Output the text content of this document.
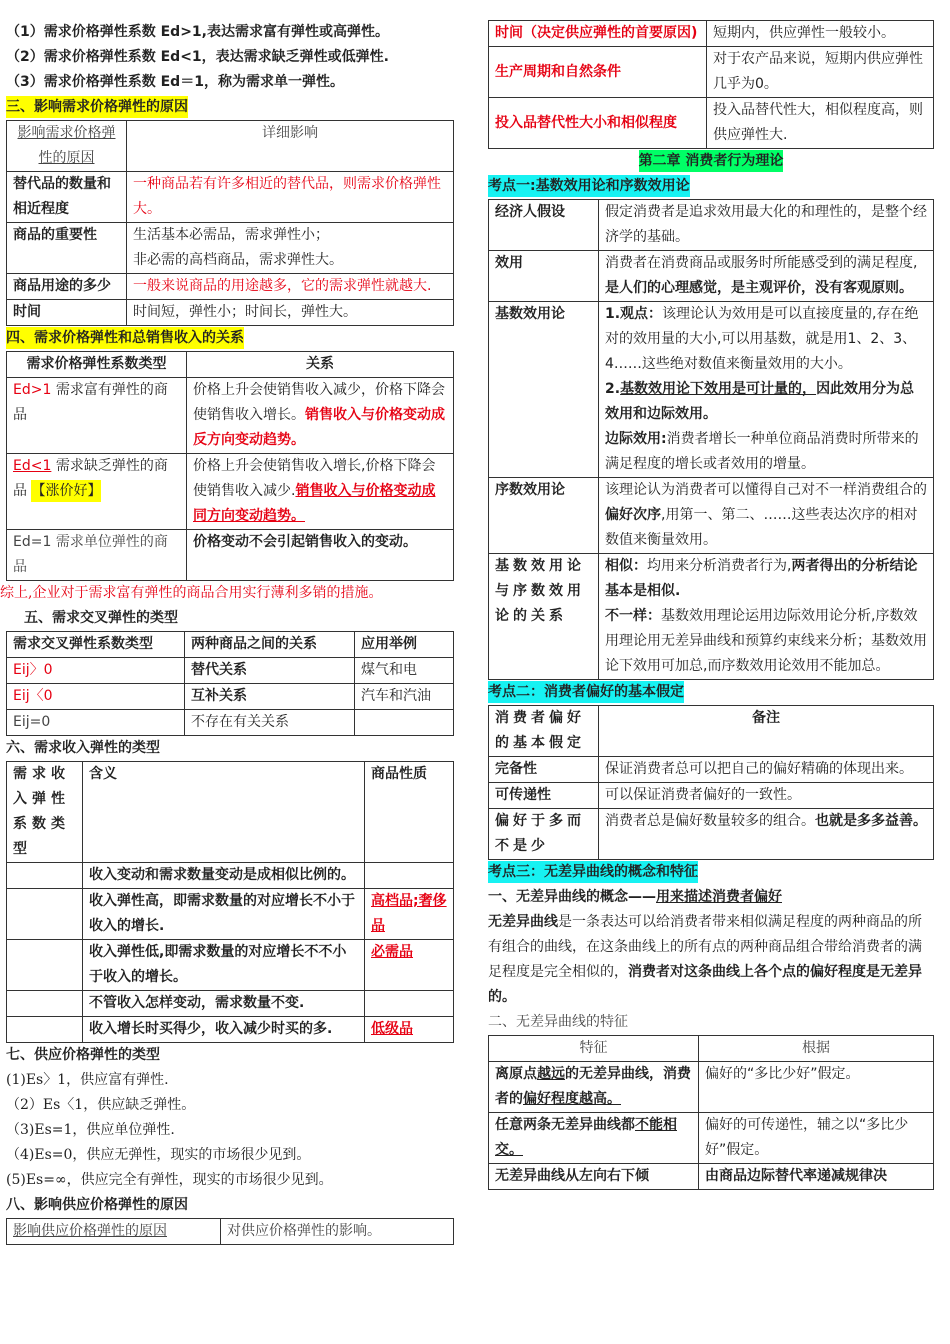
（1）需求价格弹性系数 Ed>1,表达需求富有弹性或高弹性。
（2）需求价格弹性系数 Ed<1，表达需求缺乏弹性或低弹性.
（3）需求价格弹性系数 Ed＝1，称为需求单一弹性。
三、影响需求价格弹性的原因
影响需求价格弹性的原因	详细影响
替代品的数量和相近程度	一种商品若有许多相近的替代品，则需求价格弹性大。
商品的重要性	生活基本必需品，需求弹性小；
非必需的高档商品，需求弹性大。

商品用途的多少	一般来说商品的用途越多，它的需求弹性就越大.
时间	时间短，弹性小；时间长，弹性大。
四、需求价格弹性和总销售收入的关系
需求价格弹性系数类型	关系
Ed>1 需求富有弹性的商品	价格上升会使销售收入减少，价格下降会使销售收入增长。销售收入与价格变动成反方向变动趋势。
Ed<1 需求缺乏弹性的商品 【涨价好】	价格上升会使销售收入增长,价格下降会使销售收入减少.销售收入与价格变动成同方向变动趋势。
Ed=1 需求单位弹性的商品	价格变动不会引起销售收入的变动。
综上,企业对于需求富有弹性的商品合用实行薄利多销的措施。
五、需求交叉弹性的类型
需求交叉弹性系数类型	两种商品之间的关系	应用举例
Eij〉0	替代关系	煤气和电
Eij〈0	互补关系	汽车和汽油
Eij=0	不存在有关关系	
六、需求收入弹性的类型
需求收入弹性系数类型	含义	商品性质
	收入变动和需求数量变动是成相似比例的。	
	收入弹性高，即需求数量的对应增长不小于收入的增长.	高档品;奢侈品
	收入弹性低,即需求数量的对应增长不不小于收入的增长。	必需品
	不管收入怎样变动，需求数量不变.	
	收入增长时买得少，收入减少时买的多.	低级品
七、供应价格弹性的类型
(1)Es〉1，供应富有弹性.
（2）Es〈1，供应缺乏弹性。
（3)Es=1，供应单位弹性.
（4)Es=0，供应无弹性，现实的市场很少见到。
(5)Es=∞，供应完全有弹性，现实的市场很少见到。
八、影响供应价格弹性的原因
影响供应价格弹性的原因	对供应价格弹性的影响。
时间（决定供应弹性的首要原因)	短期内，供应弹性一般较小。
生产周期和自然条件	对于农产品来说，短期内供应弹性几乎为0。
投入品替代性大小和相似程度	投入品替代性大，相似程度高，则供应弹性大.
第二章 消费者行为理论
考点一:基数效用论和序数效用论
经济人假设	假定消费者是追求效用最大化的和理性的，是整个经济学的基础。
效用	消费者在消费商品或服务时所能感受到的满足程度,是人们的心理感觉，是主观评价，没有客观原则。
基数效用论	1.观点：该理论认为效用是可以直接度量的,存在绝对的效用量的大小,可以用基数，就是用1、2、3、4……这些绝对数值来衡量效用的大小。
2.基数效用论下效用是可计量的，因此效用分为总效用和边际效用。
边际效用:消费者增长一种单位商品消费时所带来的满足程度的增长或者效用的增量。

序数效用论	该理论认为消费者可以懂得自己对不一样消费组合的偏好次序,用第一、第二、……这些表达次序的相对数值来衡量效用。
基数效用论与序数效用论的关系	相似：均用来分析消费者行为,两者得出的分析结论基本是相似.
不一样：基数效用理论运用边际效用论分析,序数效用理论用无差异曲线和预算约束线来分析；基数效用论下效用可加总,而序数效用论效用不能加总。
考点二：消费者偏好的基本假定
消费者偏好的基本假定	备注
完备性	保证消费者总可以把自己的偏好精确的体现出来。
可传递性	可以保证消费者偏好的一致性。
偏好于多而不是少	消费者总是偏好数量较多的组合。也就是多多益善。
考点三：无差异曲线的概念和特征
一、无差异曲线的概念——用来描述消费者偏好
无差异曲线是一条表达可以给消费者带来相似满足程度的两种商品的所有组合的曲线，在这条曲线上的所有点的两种商品组合带给消费者的满足程度是完全相似的，消费者对这条曲线上各个点的偏好程度是无差异的。
二、无差异曲线的特征
特征	根据
离原点越远的无差异曲线，消费者的偏好程度越高。	偏好的“多比少好”假定。
任意两条无差异曲线都不能相交。	偏好的可传递性，辅之以“多比少好”假定。
无差异曲线从左向右下倾	由商品边际替代率递减规律决
